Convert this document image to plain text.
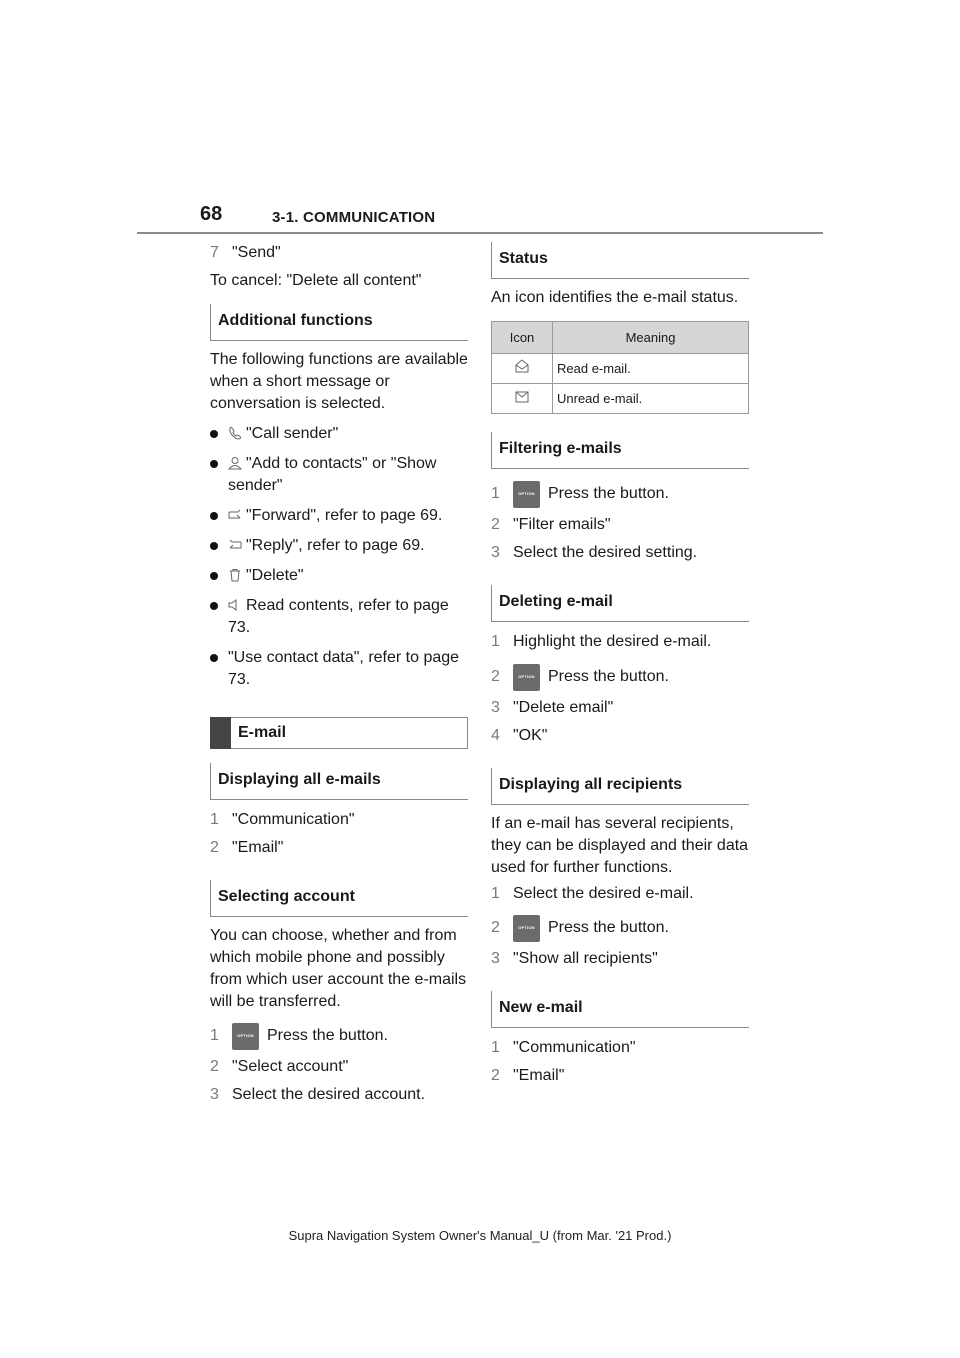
68	3-1. COMMUNICATION
7 "Send"

To cancel: "Delete all content"

Additional functions

The following functions are available when a short message or conversation is selected.

"Call sender"
"Add to contacts" or "Show sender"
"Forward", refer to page 69.
"Reply", refer to page 69.
"Delete"
Read contents, refer to page 73.
"Use contact data", refer to page 73.
E-mail
Displaying all e-mails
1 "Communication"
2 "Email"
Selecting account

You can choose, whether and from which mobile phone and possibly from which user account the e-mails will be transferred.

1	OPTION Press the button.
2 "Select account"
3 Select the desired account.
Status

An icon identifies the e-mail status.

Icon	Meaning
	Read e-mail.
	Unread e-mail.
Filtering e-mails
1	OPTION Press the button.
2 "Filter emails"
3 Select the desired setting.
Deleting e-mail
1 Highlight the desired e-mail.
2	OPTION Press the button.
3 "Delete email"
4 "OK"
Displaying all recipients

If an e-mail has several recipients, they can be displayed and their data used for further functions.

1 Select the desired e-mail.
2	OPTION Press the button.
3 "Show all recipients"
New e-mail
1 "Communication"
2 "Email"
Supra Navigation System Owner's Manual_U (from Mar. '21 Prod.)
